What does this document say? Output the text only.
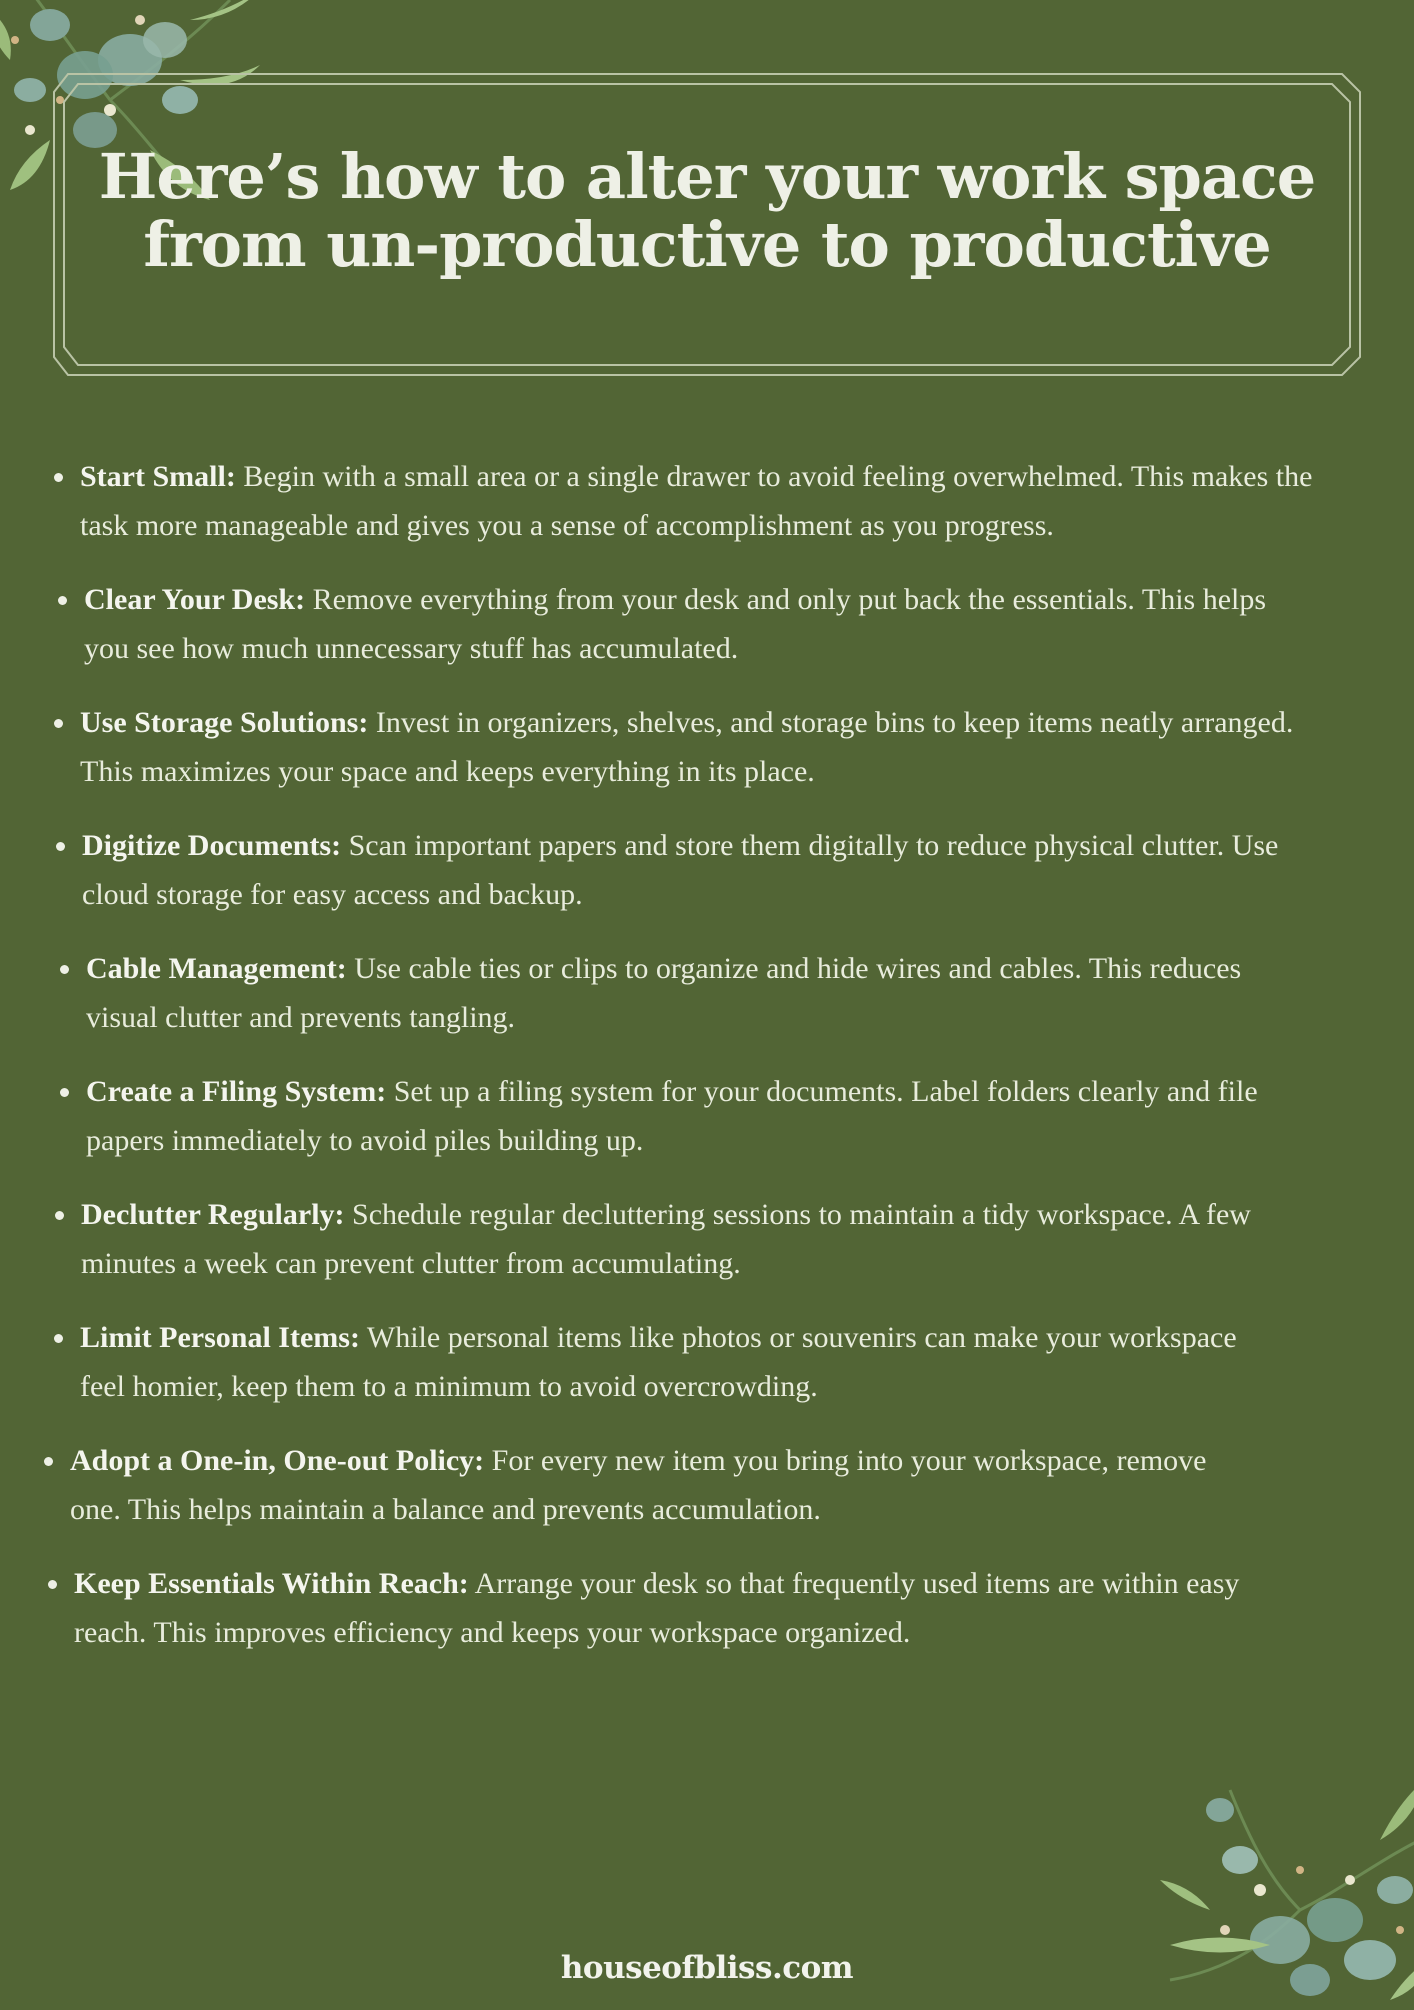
Here’s how to alter your work space
from un-productive to productive
Start Small: Begin with a small area or a single drawer to avoid feeling overwhelmed. This makes the
task more manageable and gives you a sense of accomplishment as you progress.
Clear Your Desk: Remove everything from your desk and only put back the essentials. This helps
you see how much unnecessary stuff has accumulated.
Use Storage Solutions: Invest in organizers, shelves, and storage bins to keep items neatly arranged.
This maximizes your space and keeps everything in its place.
Digitize Documents: Scan important papers and store them digitally to reduce physical clutter. Use
cloud storage for easy access and backup.
Cable Management: Use cable ties or clips to organize and hide wires and cables. This reduces
visual clutter and prevents tangling.
Create a Filing System: Set up a filing system for your documents. Label folders clearly and file
papers immediately to avoid piles building up.
Declutter Regularly: Schedule regular decluttering sessions to maintain a tidy workspace. A few
minutes a week can prevent clutter from accumulating.
Limit Personal Items: While personal items like photos or souvenirs can make your workspace
feel homier, keep them to a minimum to avoid overcrowding.
Adopt a One-in, One-out Policy: For every new item you bring into your workspace, remove
one. This helps maintain a balance and prevents accumulation.
Keep Essentials Within Reach: Arrange your desk so that frequently used items are within easy
reach. This improves efficiency and keeps your workspace organized.
houseofbliss.com
